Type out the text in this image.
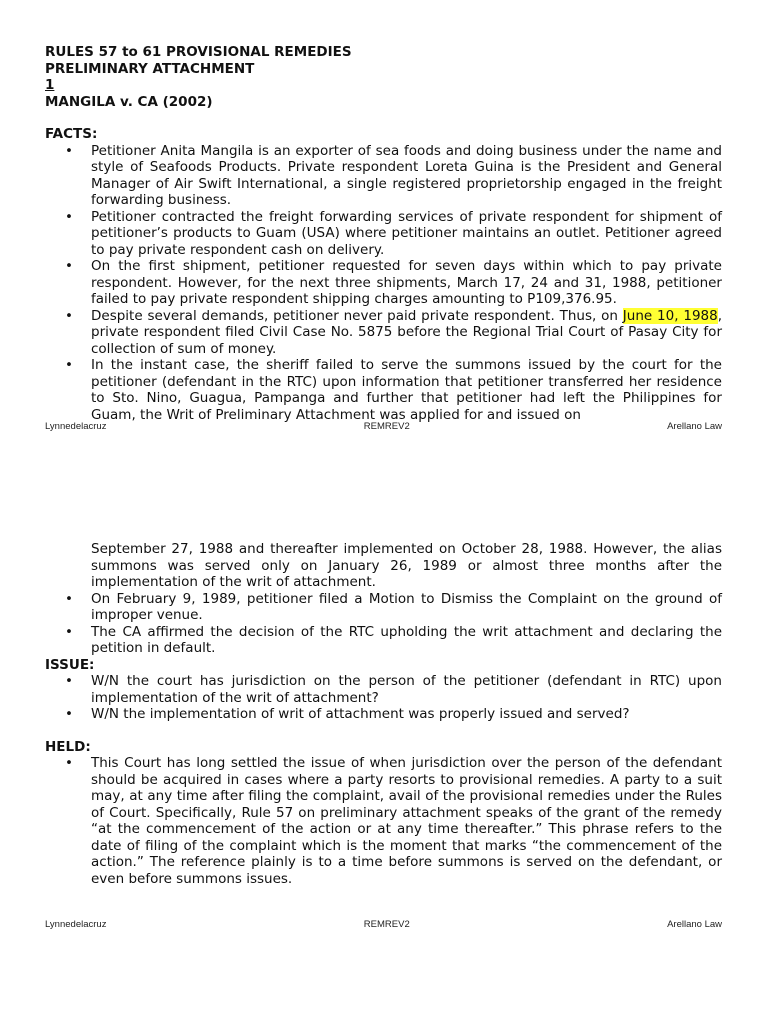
RULES 57 to 61 PROVISIONAL REMEDIES

PRELIMINARY ATTACHMENT

1

MANGILA v. CA (2002)

FACTS:

• Petitioner Anita Mangila is an exporter of sea foods and doing business under the name and style of Seafoods Products. Private respondent Loreta Guina is the President and General Manager of Air Swift International, a single registered proprietorship engaged in the freight forwarding business.
• Petitioner contracted the freight forwarding services of private respondent for shipment of petitioner’s products to Guam (USA) where petitioner maintains an outlet. Petitioner agreed to pay private respondent cash on delivery.
• On the first shipment, petitioner requested for seven days within which to pay private respondent. However, for the next three shipments, March 17, 24 and 31, 1988, petitioner failed to pay private respondent shipping charges amounting to P109,376.95.
• Despite several demands, petitioner never paid private respondent. Thus, on June 10, 1988, private respondent filed Civil Case No. 5875 before the Regional Trial Court of Pasay City for collection of sum of money.
• In the instant case, the sheriff failed to serve the summons issued by the court for the petitioner (defendant in the RTC) upon information that petitioner transferred her residence to Sto. Nino, Guagua, Pampanga and further that petitioner had left the Philippines for Guam, the Writ of Preliminary Attachment was applied for and issued on
Lynnedelacruz	REMREV2	Arellano Law
September 27, 1988 and thereafter implemented on October 28, 1988. However, the alias summons was served only on January 26, 1989 or almost three months after the implementation of the writ of attachment.
• On February 9, 1989, petitioner filed a Motion to Dismiss the Complaint on the ground of improper venue.
• The CA affirmed the decision of the RTC upholding the writ attachment and declaring the petition in default.

ISSUE:

• W/N the court has jurisdiction on the person of the petitioner (defendant in RTC) upon implementation of the writ of attachment?
• W/N the implementation of writ of attachment was properly issued and served?

HELD:

• This Court has long settled the issue of when jurisdiction over the person of the defendant should be acquired in cases where a party resorts to provisional remedies. A party to a suit may, at any time after filing the complaint, avail of the provisional remedies under the Rules of Court. Specifically, Rule 57 on preliminary attachment speaks of the grant of the remedy “at the commencement of the action or at any time thereafter.” This phrase refers to the date of filing of the complaint which is the moment that marks “the commencement of the action.” The reference plainly is to a time before summons is served on the defendant, or even before summons issues.
Lynnedelacruz	REMREV2	Arellano Law
